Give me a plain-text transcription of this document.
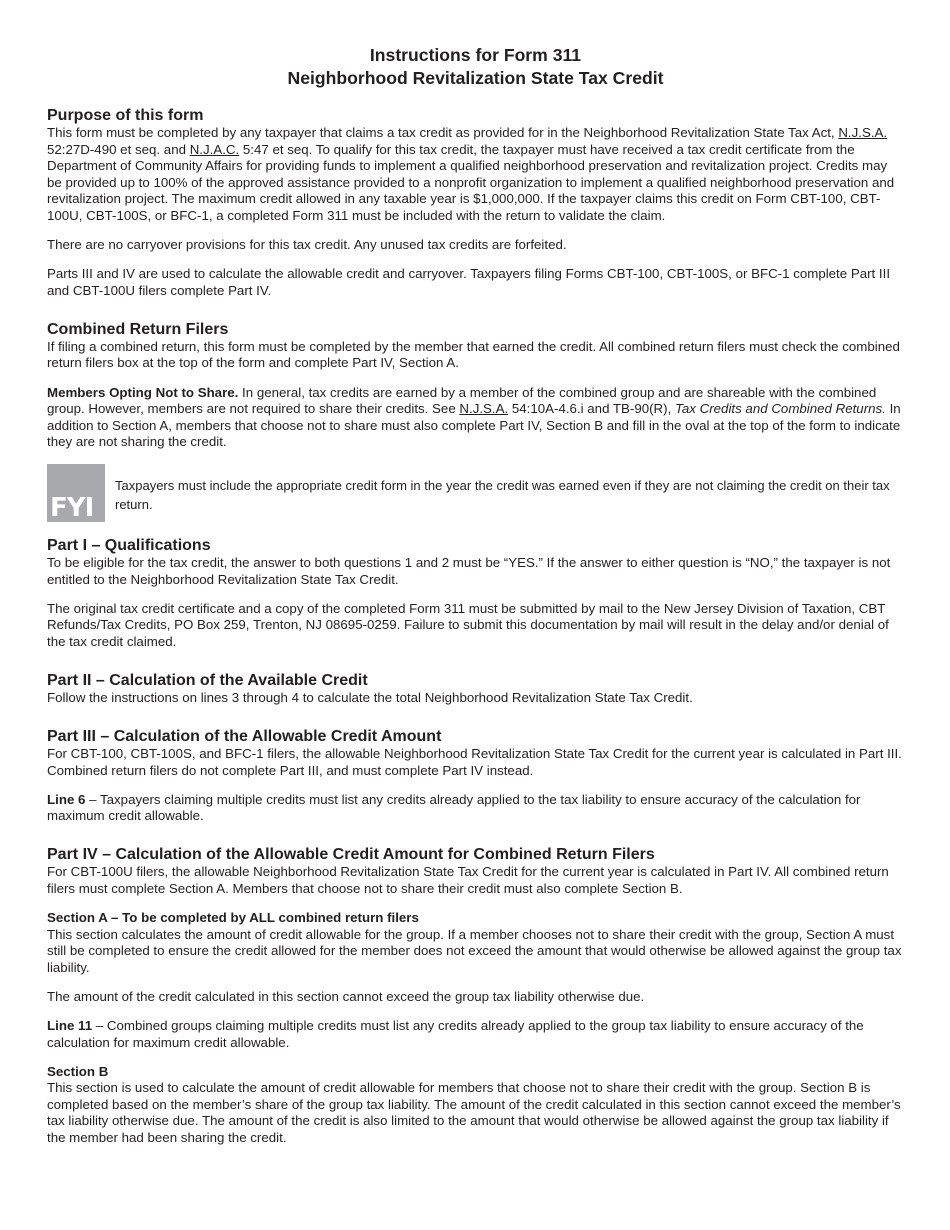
Instructions for Form 311
Neighborhood Revitalization State Tax Credit
Purpose of this form

This form must be completed by any taxpayer that claims a tax credit as provided for in the Neighborhood Revitalization State Tax Act, N.J.S.A. 52:27D-490 et seq. and N.J.A.C. 5:47 et seq. To qualify for this tax credit, the taxpayer must have received a tax credit certificate from the Department of Community Affairs for providing funds to implement a qualified neighborhood preservation and revitalization project. Credits may be provided up to 100% of the approved assistance provided to a nonprofit organization to implement a qualified neighborhood preservation and revitalization project. The maximum credit allowed in any taxable year is $1,000,000. If the taxpayer claims this credit on Form CBT-100, CBT-100U, CBT-100S, or BFC-1, a completed Form 311 must be included with the return to validate the claim.

There are no carryover provisions for this tax credit. Any unused tax credits are forfeited.

Parts III and IV are used to calculate the allowable credit and carryover. Taxpayers filing Forms CBT-100, CBT-100S, or BFC-1 complete Part III and CBT-100U filers complete Part IV.

Combined Return Filers

If filing a combined return, this form must be completed by the member that earned the credit. All combined return filers must check the combined return filers box at the top of the form and complete Part IV, Section A.

Members Opting Not to Share. In general, tax credits are earned by a member of the combined group and are shareable with the combined group. However, members are not required to share their credits. See N.J.S.A. 54:10A-4.6.i and TB-90(R), Tax Credits and Combined Returns. In addition to Section A, members that choose not to share must also complete Part IV, Section B and fill in the oval at the top of the form to indicate they are not sharing the credit.

FYI
Taxpayers must include the appropriate credit form in the year the credit was earned even if they are not claiming the credit on their tax return.
Part I – Qualifications

To be eligible for the tax credit, the answer to both questions 1 and 2 must be “YES.” If the answer to either question is “NO,” the taxpayer is not entitled to the Neighborhood Revitalization State Tax Credit.

The original tax credit certificate and a copy of the completed Form 311 must be submitted by mail to the New Jersey Division of Taxation, CBT Refunds/Tax Credits, PO Box 259, Trenton, NJ 08695-0259. Failure to submit this documentation by mail will result in the delay and/or denial of the tax credit claimed.

Part II – Calculation of the Available Credit

Follow the instructions on lines 3 through 4 to calculate the total Neighborhood Revitalization State Tax Credit.

Part III – Calculation of the Allowable Credit Amount

For CBT-100, CBT-100S, and BFC-1 filers, the allowable Neighborhood Revitalization State Tax Credit for the current year is calculated in Part III. Combined return filers do not complete Part III, and must complete Part IV instead.

Line 6 – Taxpayers claiming multiple credits must list any credits already applied to the tax liability to ensure accuracy of the calculation for maximum credit allowable.

Part IV – Calculation of the Allowable Credit Amount for Combined Return Filers

For CBT-100U filers, the allowable Neighborhood Revitalization State Tax Credit for the current year is calculated in Part IV. All combined return filers must complete Section A. Members that choose not to share their credit must also complete Section B.

Section A – To be completed by ALL combined return filers

This section calculates the amount of credit allowable for the group. If a member chooses not to share their credit with the group, Section A must still be completed to ensure the credit allowed for the member does not exceed the amount that would otherwise be allowed against the group tax liability.

The amount of the credit calculated in this section cannot exceed the group tax liability otherwise due.

Line 11 – Combined groups claiming multiple credits must list any credits already applied to the group tax liability to ensure accuracy of the calculation for maximum credit allowable.

Section B

This section is used to calculate the amount of credit allowable for members that choose not to share their credit with the group. Section B is completed based on the member’s share of the group tax liability. The amount of the credit calculated in this section cannot exceed the member’s tax liability otherwise due. The amount of the credit is also limited to the amount that would otherwise be allowed against the group tax liability if the member had been sharing the credit.
